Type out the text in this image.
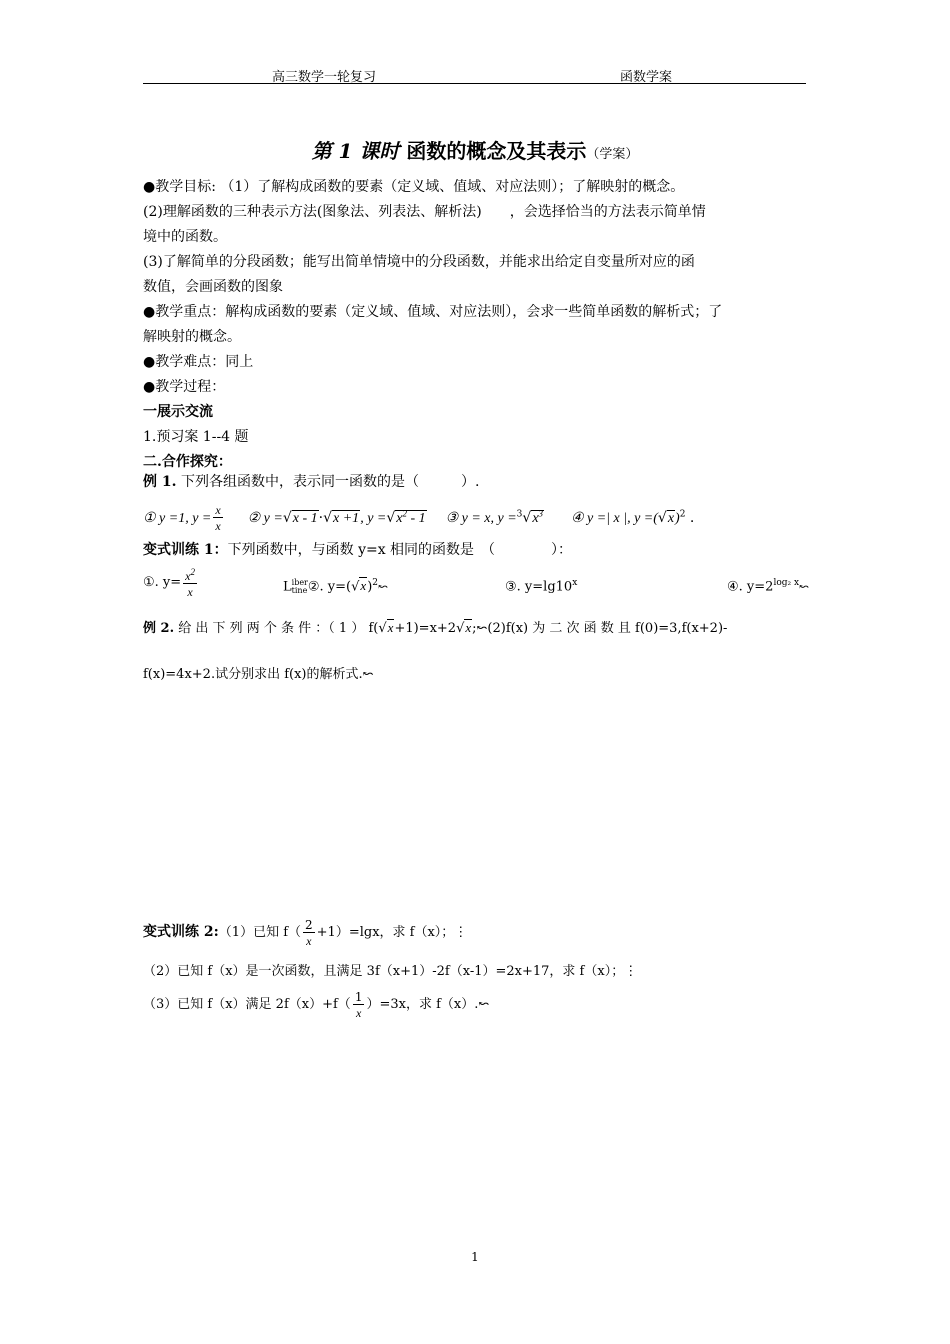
高三数学一轮复习	函数学案
第 1 课时 函数的概念及其表示（学案）
●教学目标: （1）了解构成函数的要素（定义域、值域、对应法则）；了解映射的概念。
(2)理解函数的三种表示方法(图象法、列表法、解析法)　　，会选择恰当的方法表示简单情
境中的函数。
(3)了解简单的分段函数；能写出简单情境中的分段函数，并能求出给定自变量所对应的函
数值，会画函数的图象
●教学重点：解构成函数的要素（定义域、值域、对应法则），会求一些简单函数的解析式；了
解映射的概念。
●教学难点：同上
●教学过程：
一展示交流
1.预习案 1--4 题
二.合作探究：
例 1. 下列各组函数中，表示同一函数的是（　　　）.
① y =1, $y = \frac{x}{x}$ ② y =√x - 1·√x +1, $y =√x^2 - 1$ ③ y = x, $y =^3√x^3$ ④ y =| x |, $y =(√x)^2$ .
变式训练 1：下列函数中，与函数 y=x 相同的函数是　（　　　　）：
①. $y= \frac{x^2}{x}$	Liber
tine②. $y=(√x)^2↜$	③. $y=\lg 10^x$	④. $y=2^{log_2 x}↜$
例 2. 给 出 下 列 两 个 条 件 ：（ 1 ） f(√x+1)=x+2√x;↜(2)f(x) 为 二 次 函 数 且 f(0)=3,f(x+2)-
f(x)=4x+2.试分别求出 f(x)的解析式.↜
变式训练 2:（1）已知 $f( \frac{2}{x} +1)=\lg x$，求 f（x）；⋮
（2）已知 f（x）是一次函数，且满足 3f（x+1）-2f（x-1）=2x+17，求 f（x）；⋮
（3）已知 f（x）满足 $2f(x)+f( \frac{1}{x} )=3x$，求 f（x）.↜
1
